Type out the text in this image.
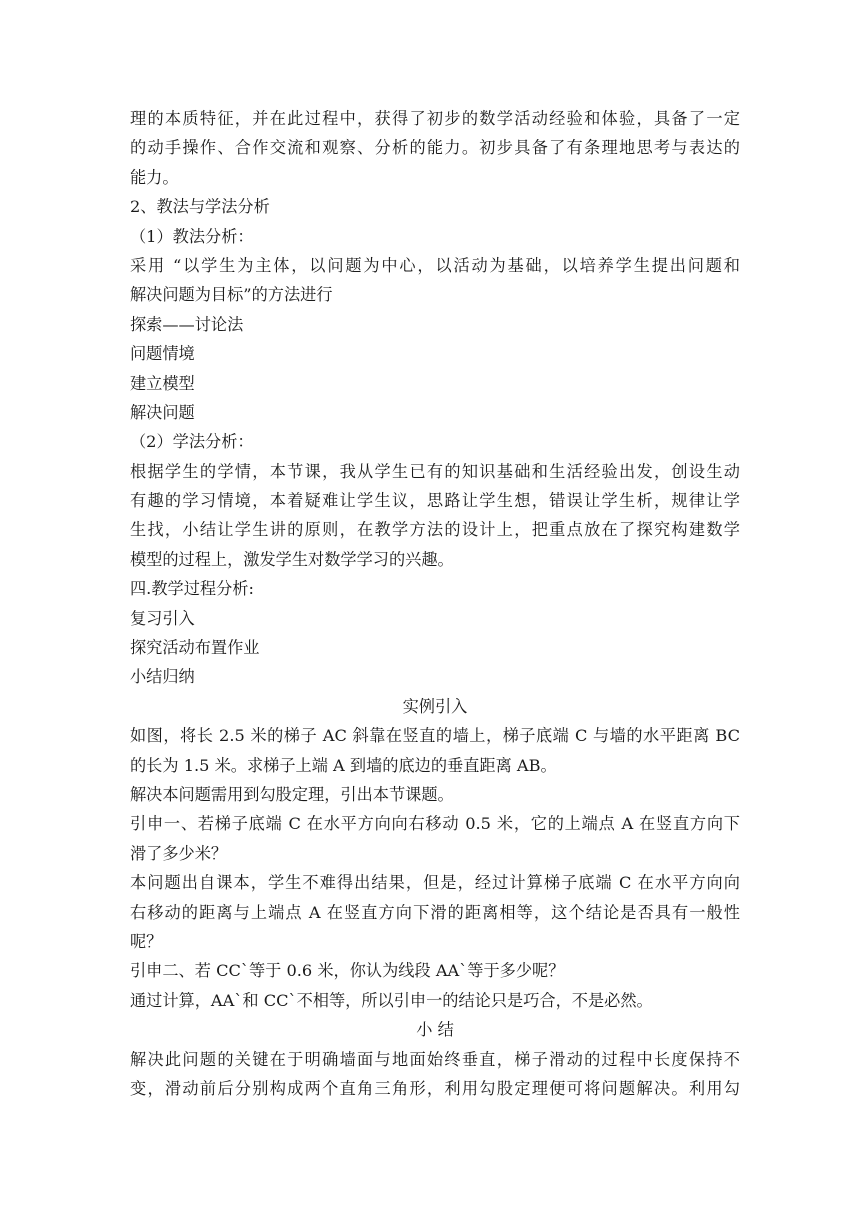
理的本质特征，并在此过程中，获得了初步的数学活动经验和体验，具备了一定
的动手操作、合作交流和观察、分析的能力。初步具备了有条理地思考与表达的
能力。
2、教法与学法分析
（1）教法分析：
采用 “以学生为主体，以问题为中心，以活动为基础，以培养学生提出问题和
解决问题为目标”的方法进行
探索——讨论法
问题情境
建立模型
解决问题
（2）学法分析：
根据学生的学情，本节课，我从学生已有的知识基础和生活经验出发，创设生动
有趣的学习情境，本着疑难让学生议，思路让学生想，错误让学生析，规律让学
生找，小结让学生讲的原则，在教学方法的设计上，把重点放在了探究构建数学
模型的过程上，激发学生对数学学习的兴趣。
四.教学过程分析:
复习引入
探究活动布置作业
小结归纳
实例引入
如图，将长 2.5 米的梯子 AC 斜靠在竖直的墙上，梯子底端 C 与墙的水平距离 BC
的长为 1.5 米。求梯子上端 A 到墙的底边的垂直距离 AB。
解决本问题需用到勾股定理，引出本节课题。
引申一、若梯子底端 C 在水平方向向右移动 0.5 米，它的上端点 A 在竖直方向下
滑了多少米？
本问题出自课本，学生不难得出结果，但是，经过计算梯子底端 C 在水平方向向
右移动的距离与上端点 A 在竖直方向下滑的距离相等，这个结论是否具有一般性
呢？
引申二、若 CC`等于 0.6 米，你认为线段 AA`等于多少呢？
通过计算，AA`和 CC`不相等，所以引申一的结论只是巧合，不是必然。
小 结
解决此问题的关键在于明确墙面与地面始终垂直，梯子滑动的过程中长度保持不
变，滑动前后分别构成两个直角三角形，利用勾股定理便可将问题解决。利用勾
